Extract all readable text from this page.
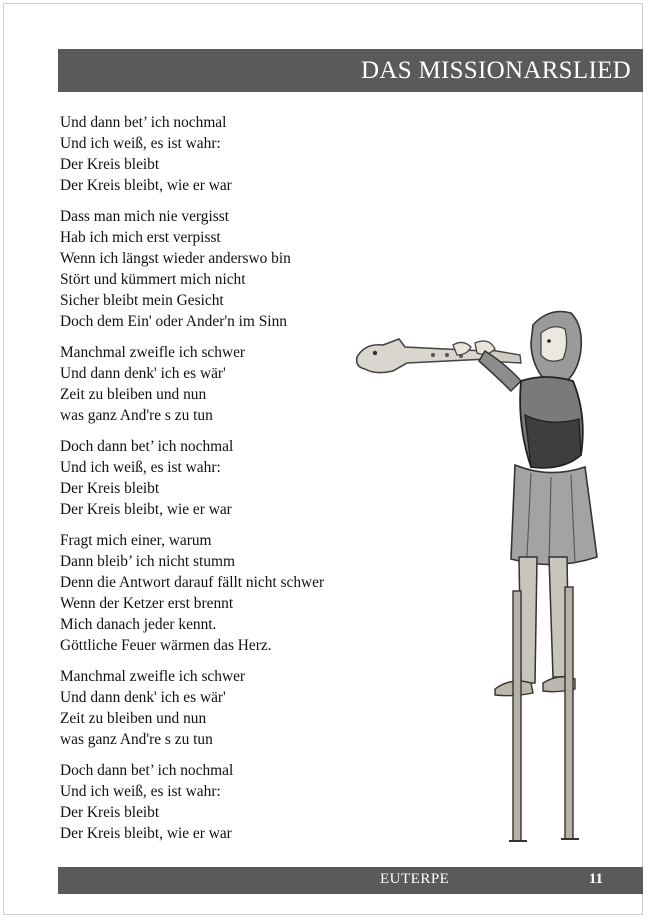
DAS MISSIONARSLIED
Und dann bet’ ich nochmal
Und ich weiß, es ist wahr:
Der Kreis bleibt
Der Kreis bleibt, wie er war
Dass man mich nie vergisst
Hab ich mich erst verpisst
Wenn ich längst wieder anderswo bin
Stört und kümmert mich nicht
Sicher bleibt mein Gesicht
Doch dem Ein' oder Ander'n im Sinn
Manchmal zweifle ich schwer
Und dann denk' ich es wär'
Zeit zu bleiben und nun
was ganz And're s zu tun
Doch dann bet’ ich nochmal
Und ich weiß, es ist wahr:
Der Kreis bleibt
Der Kreis bleibt, wie er war
Fragt mich einer, warum
Dann bleib’ ich nicht stumm
Denn die Antwort darauf fällt nicht schwer
Wenn der Ketzer erst brennt
Mich danach jeder kennt.
Göttliche Feuer wärmen das Herz.
Manchmal zweifle ich schwer
Und dann denk' ich es wär'
Zeit zu bleiben und nun
was ganz And're s zu tun
Doch dann bet’ ich nochmal
Und ich weiß, es ist wahr:
Der Kreis bleibt
Der Kreis bleibt, wie er war
EUTERPE	11
